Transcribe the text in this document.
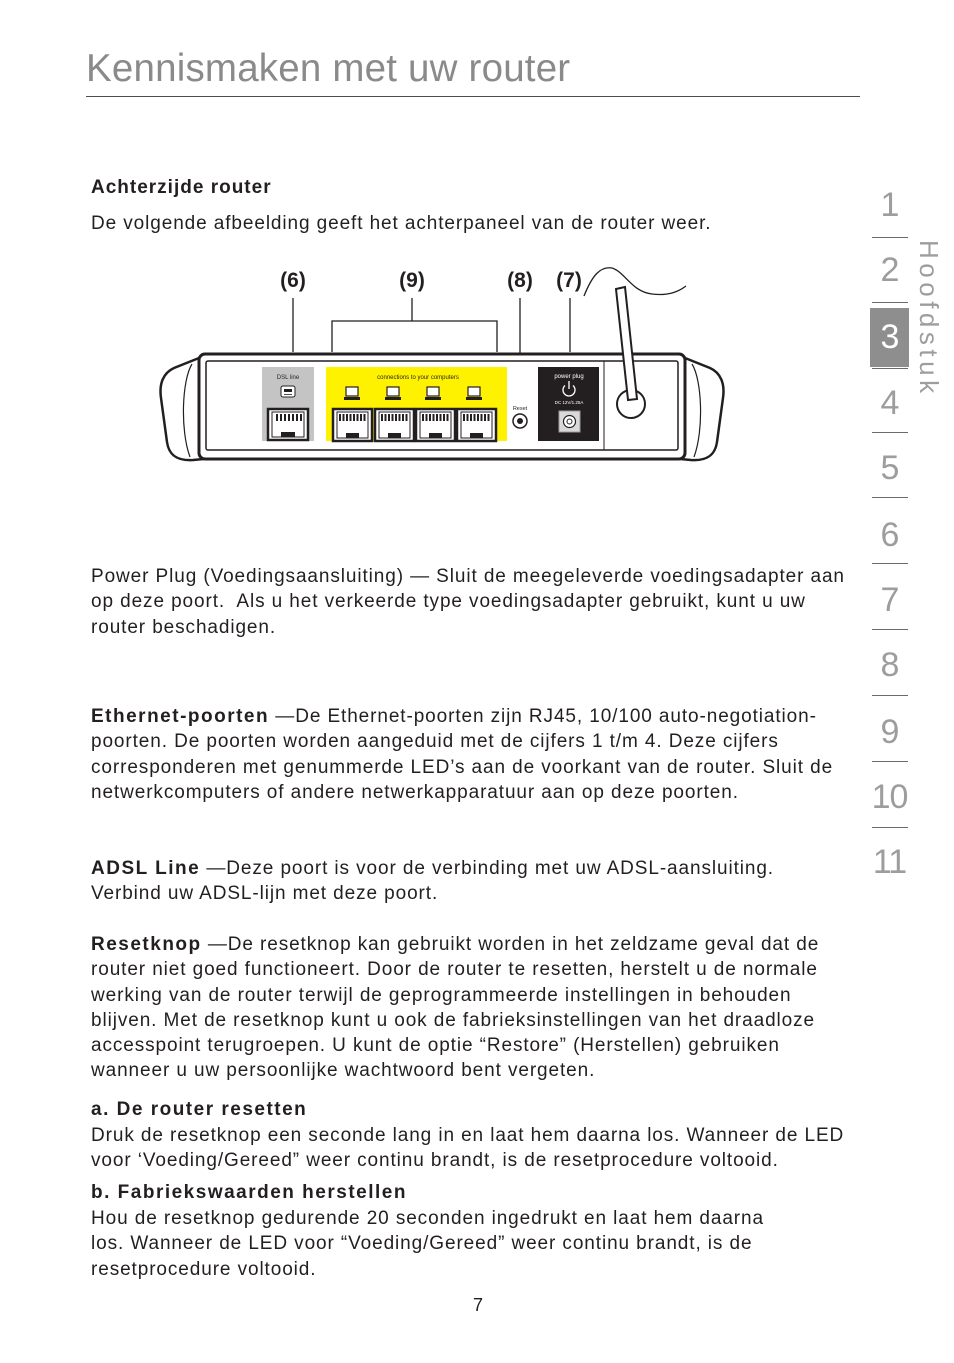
Kennismaken met uw router
1
2
3
4
5
6
7
8
9
10
11
Hoofdstuk
Achterzijde router
De volgende afbeelding geeft het achterpaneel van de router weer.
(6)	(9)	(8) (7)
DSL line	connections to your computers
Reset
power plug
DC 12V/1.25A
Power Plug (Voedingsaansluiting) — Sluit de meegeleverde voedingsadapter aan
op deze poort.  Als u het verkeerde type voedingsadapter gebruikt, kunt u uw
router beschadigen.
Ethernet-poorten —De Ethernet-poorten zijn RJ45, 10/100 auto-negotiation-
poorten. De poorten worden aangeduid met de cijfers 1 t/m 4. Deze cijfers
corresponderen met genummerde LED’s aan de voorkant van de router. Sluit de
netwerkcomputers of andere netwerkapparatuur aan op deze poorten.
ADSL Line —Deze poort is voor de verbinding met uw ADSL-aansluiting.
Verbind uw ADSL-lijn met deze poort.
Resetknop —De resetknop kan gebruikt worden in het zeldzame geval dat de
router niet goed functioneert. Door de router te resetten, herstelt u de normale
werking van de router terwijl de geprogrammeerde instellingen in behouden
blijven. Met de resetknop kunt u ook de fabrieksinstellingen van het draadloze
accesspoint terugroepen. U kunt de optie “Restore” (Herstellen) gebruiken
wanneer u uw persoonlijke wachtwoord bent vergeten.
a. De router resetten
Druk de resetknop een seconde lang in en laat hem daarna los. Wanneer de LED
voor ‘Voeding/Gereed” weer continu brandt, is de resetprocedure voltooid.
b. Fabriekswaarden herstellen
Hou de resetknop gedurende 20 seconden ingedrukt en laat hem daarna
los. Wanneer de LED voor “Voeding/Gereed” weer continu brandt, is de
resetprocedure voltooid.
7
